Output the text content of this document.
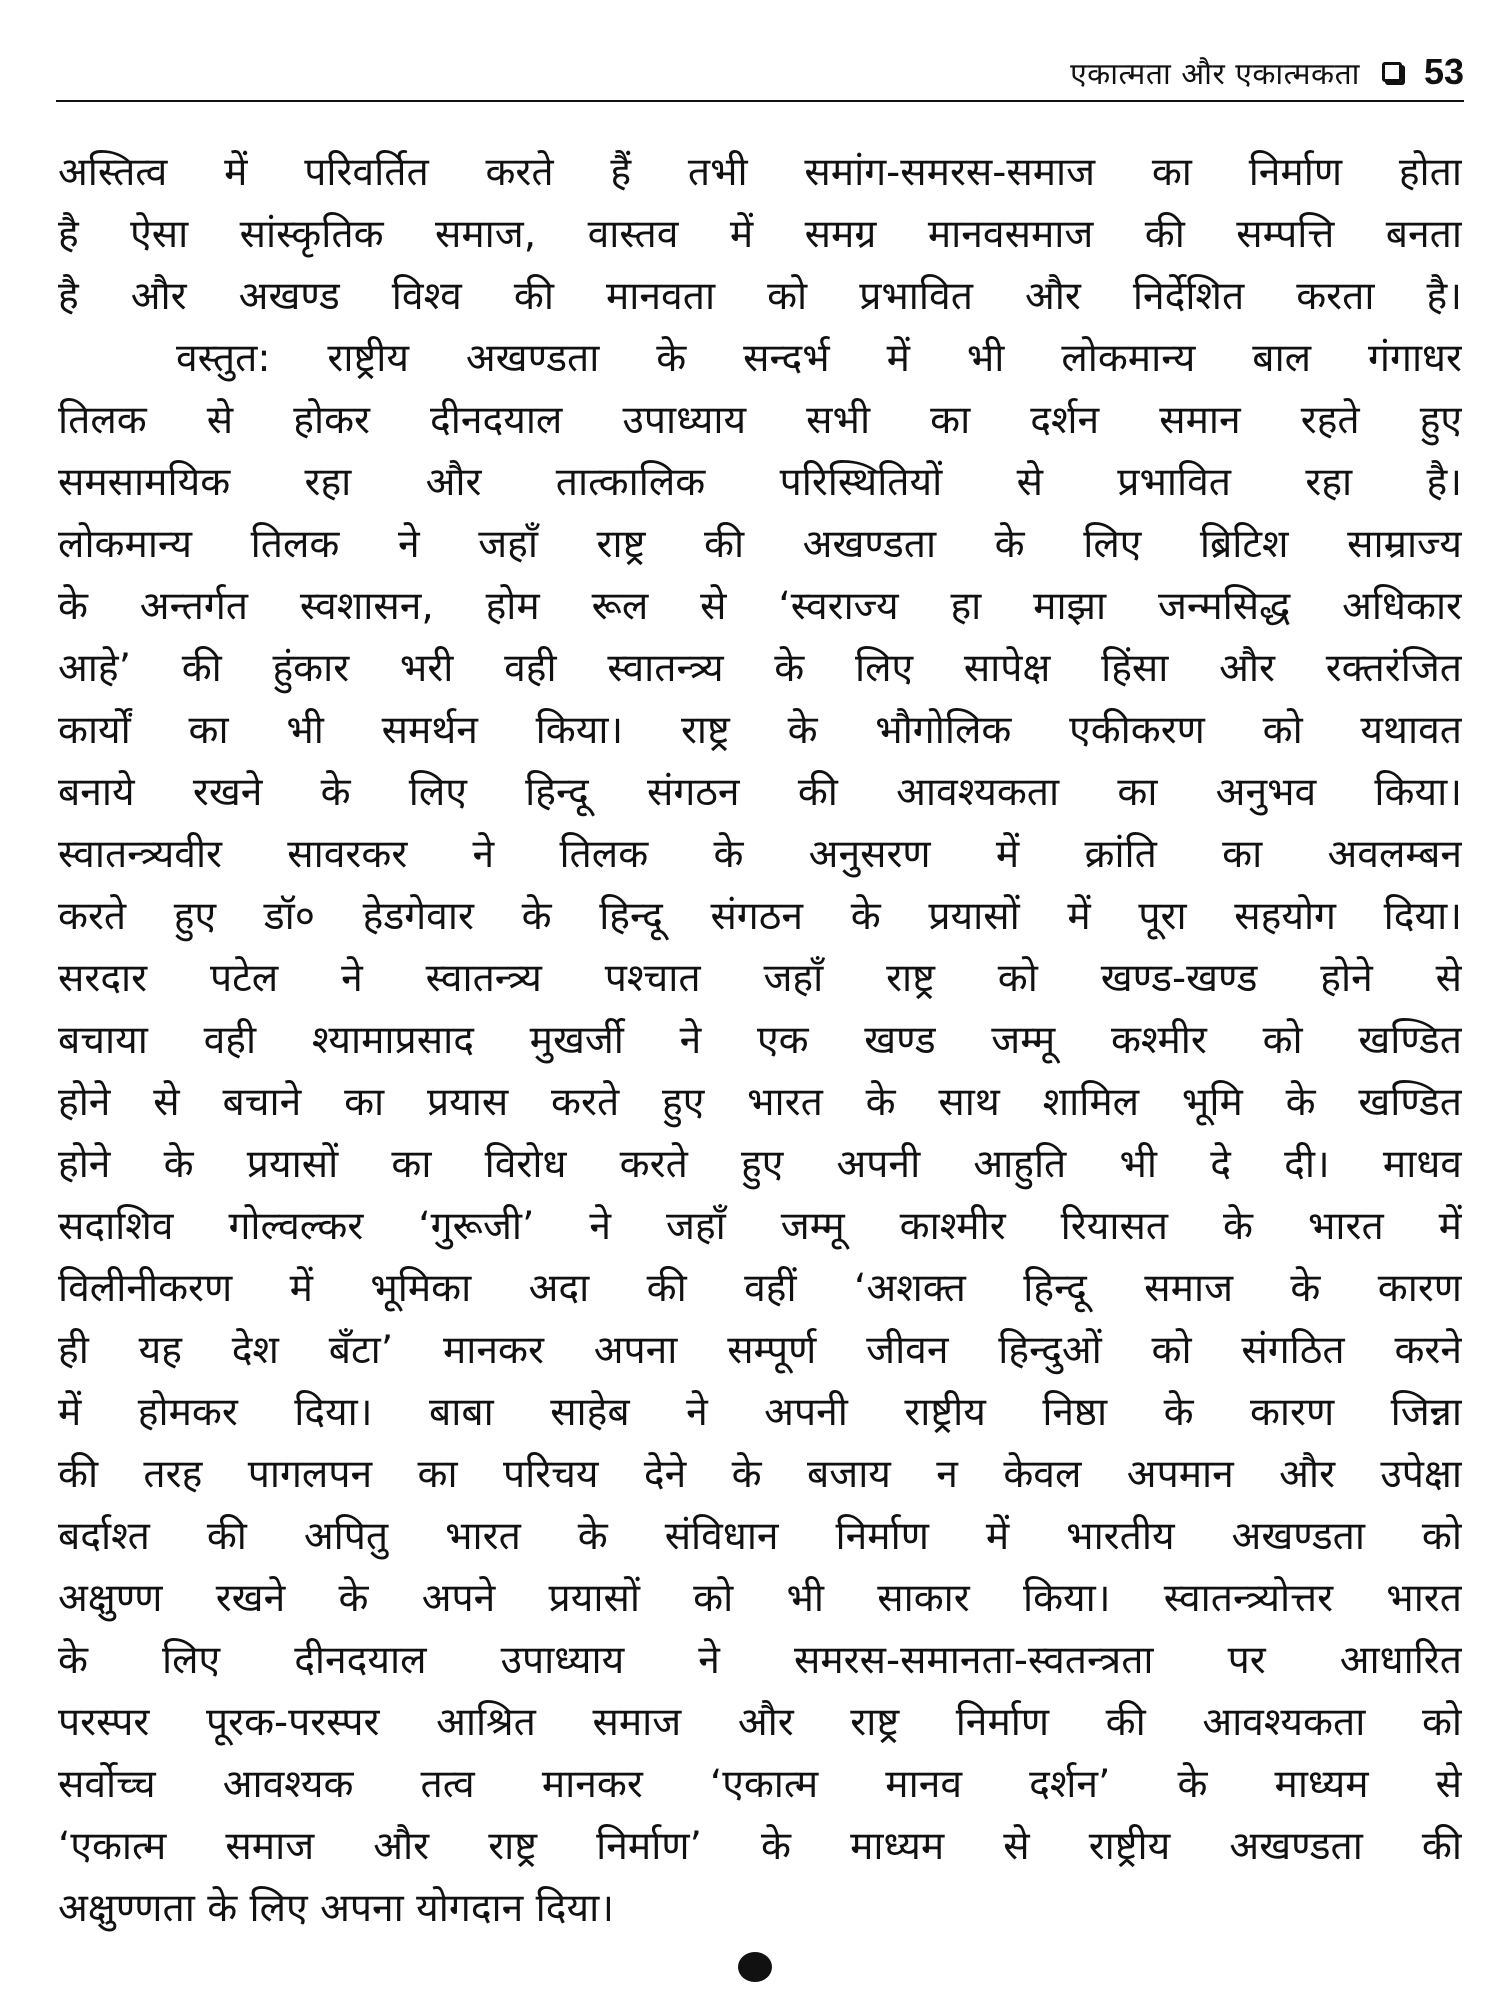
एकात्मता और एकात्मकता 53
अस्तित्व में परिवर्तित करते हैं तभी समांग-समरस-समाज का निर्माण होता
है ऐसा सांस्कृतिक समाज, वास्तव में समग्र मानवसमाज की सम्पत्ति बनता
है और अखण्ड विश्व की मानवता को प्रभावित और निर्देशित करता है।
वस्तुत: राष्ट्रीय अखण्डता के सन्दर्भ में भी लोकमान्य बाल गंगाधर
तिलक से होकर दीनदयाल उपाध्याय सभी का दर्शन समान रहते हुए
समसामयिक रहा और तात्कालिक परिस्थितियों से प्रभावित रहा है।
लोकमान्य तिलक ने जहाँ राष्ट्र की अखण्डता के लिए ब्रिटिश साम्राज्य
के अन्तर्गत स्वशासन, होम रूल से ‘स्वराज्य हा माझा जन्मसिद्ध अधिकार
आहे’ की हुंकार भरी वही स्वातन्त्र्य के लिए सापेक्ष हिंसा और रक्तरंजित
कार्यों का भी समर्थन किया। राष्ट्र के भौगोलिक एकीकरण को यथावत
बनाये रखने के लिए हिन्दू संगठन की आवश्यकता का अनुभव किया।
स्वातन्त्र्यवीर सावरकर ने तिलक के अनुसरण में क्रांति का अवलम्बन
करते हुए डॉ० हेडगेवार के हिन्दू संगठन के प्रयासों में पूरा सहयोग दिया।
सरदार पटेल ने स्वातन्त्र्य पश्चात जहाँ राष्ट्र को खण्ड-खण्ड होने से
बचाया वही श्यामाप्रसाद मुखर्जी ने एक खण्ड जम्मू कश्मीर को खण्डित
होने से बचाने का प्रयास करते हुए भारत के साथ शामिल भूमि के खण्डित
होने के प्रयासों का विरोध करते हुए अपनी आहुति भी दे दी। माधव
सदाशिव गोल्वल्कर ‘गुरूजी’ ने जहाँ जम्मू काश्मीर रियासत के भारत में
विलीनीकरण में भूमिका अदा की वहीं ‘अशक्त हिन्दू समाज के कारण
ही यह देश बँटा’ मानकर अपना सम्पूर्ण जीवन हिन्दुओं को संगठित करने
में होमकर दिया। बाबा साहेब ने अपनी राष्ट्रीय निष्ठा के कारण जिन्ना
की तरह पागलपन का परिचय देने के बजाय न केवल अपमान और उपेक्षा
बर्दाश्त की अपितु भारत के संविधान निर्माण में भारतीय अखण्डता को
अक्षुण्ण रखने के अपने प्रयासों को भी साकार किया। स्वातन्त्र्योत्तर भारत
के लिए दीनदयाल उपाध्याय ने समरस-समानता-स्वतन्त्रता पर आधारित
परस्पर पूरक-परस्पर आश्रित समाज और राष्ट्र निर्माण की आवश्यकता को
सर्वोच्च आवश्यक तत्व मानकर ‘एकात्म मानव दर्शन’ के माध्यम से
‘एकात्म समाज और राष्ट्र निर्माण’ के माध्यम से राष्ट्रीय अखण्डता की
अक्षुण्णता के लिए अपना योगदान दिया।
